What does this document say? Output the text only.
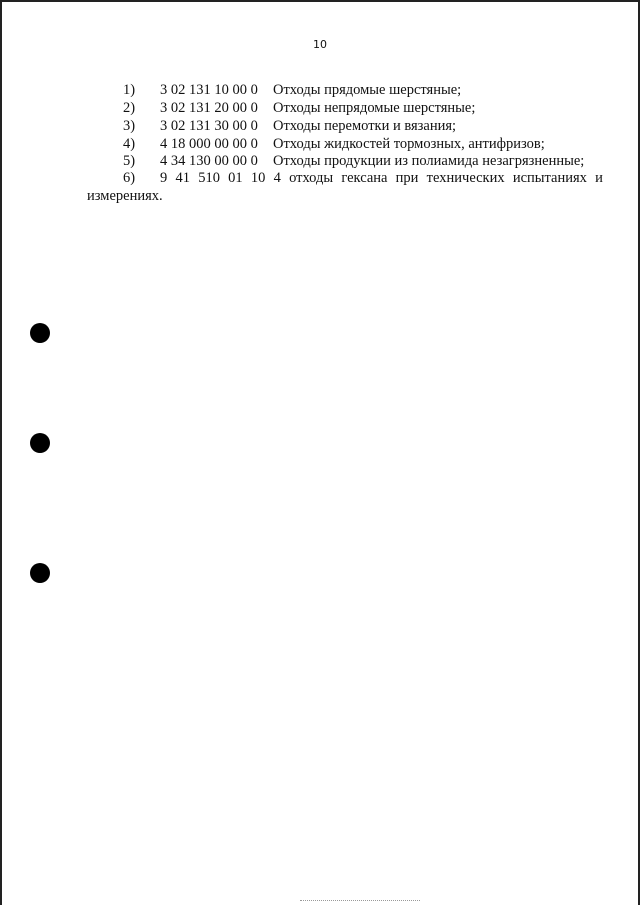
10
1) 3 02 131 10 00 0 Отходы прядомые шерстяные;
2) 3 02 131 20 00 0 Отходы непрядомые шерстяные;
3) 3 02 131 30 00 0 Отходы перемотки и вязания;
4) 4 18 000 00 00 0 Отходы жидкостей тормозных, антифризов;
5) 4 34 130 00 00 0 Отходы продукции из полиамида незагрязненные;
6) 9 41 510 01 10 4 отходы гексана при технических испытаниях и
измерениях.
